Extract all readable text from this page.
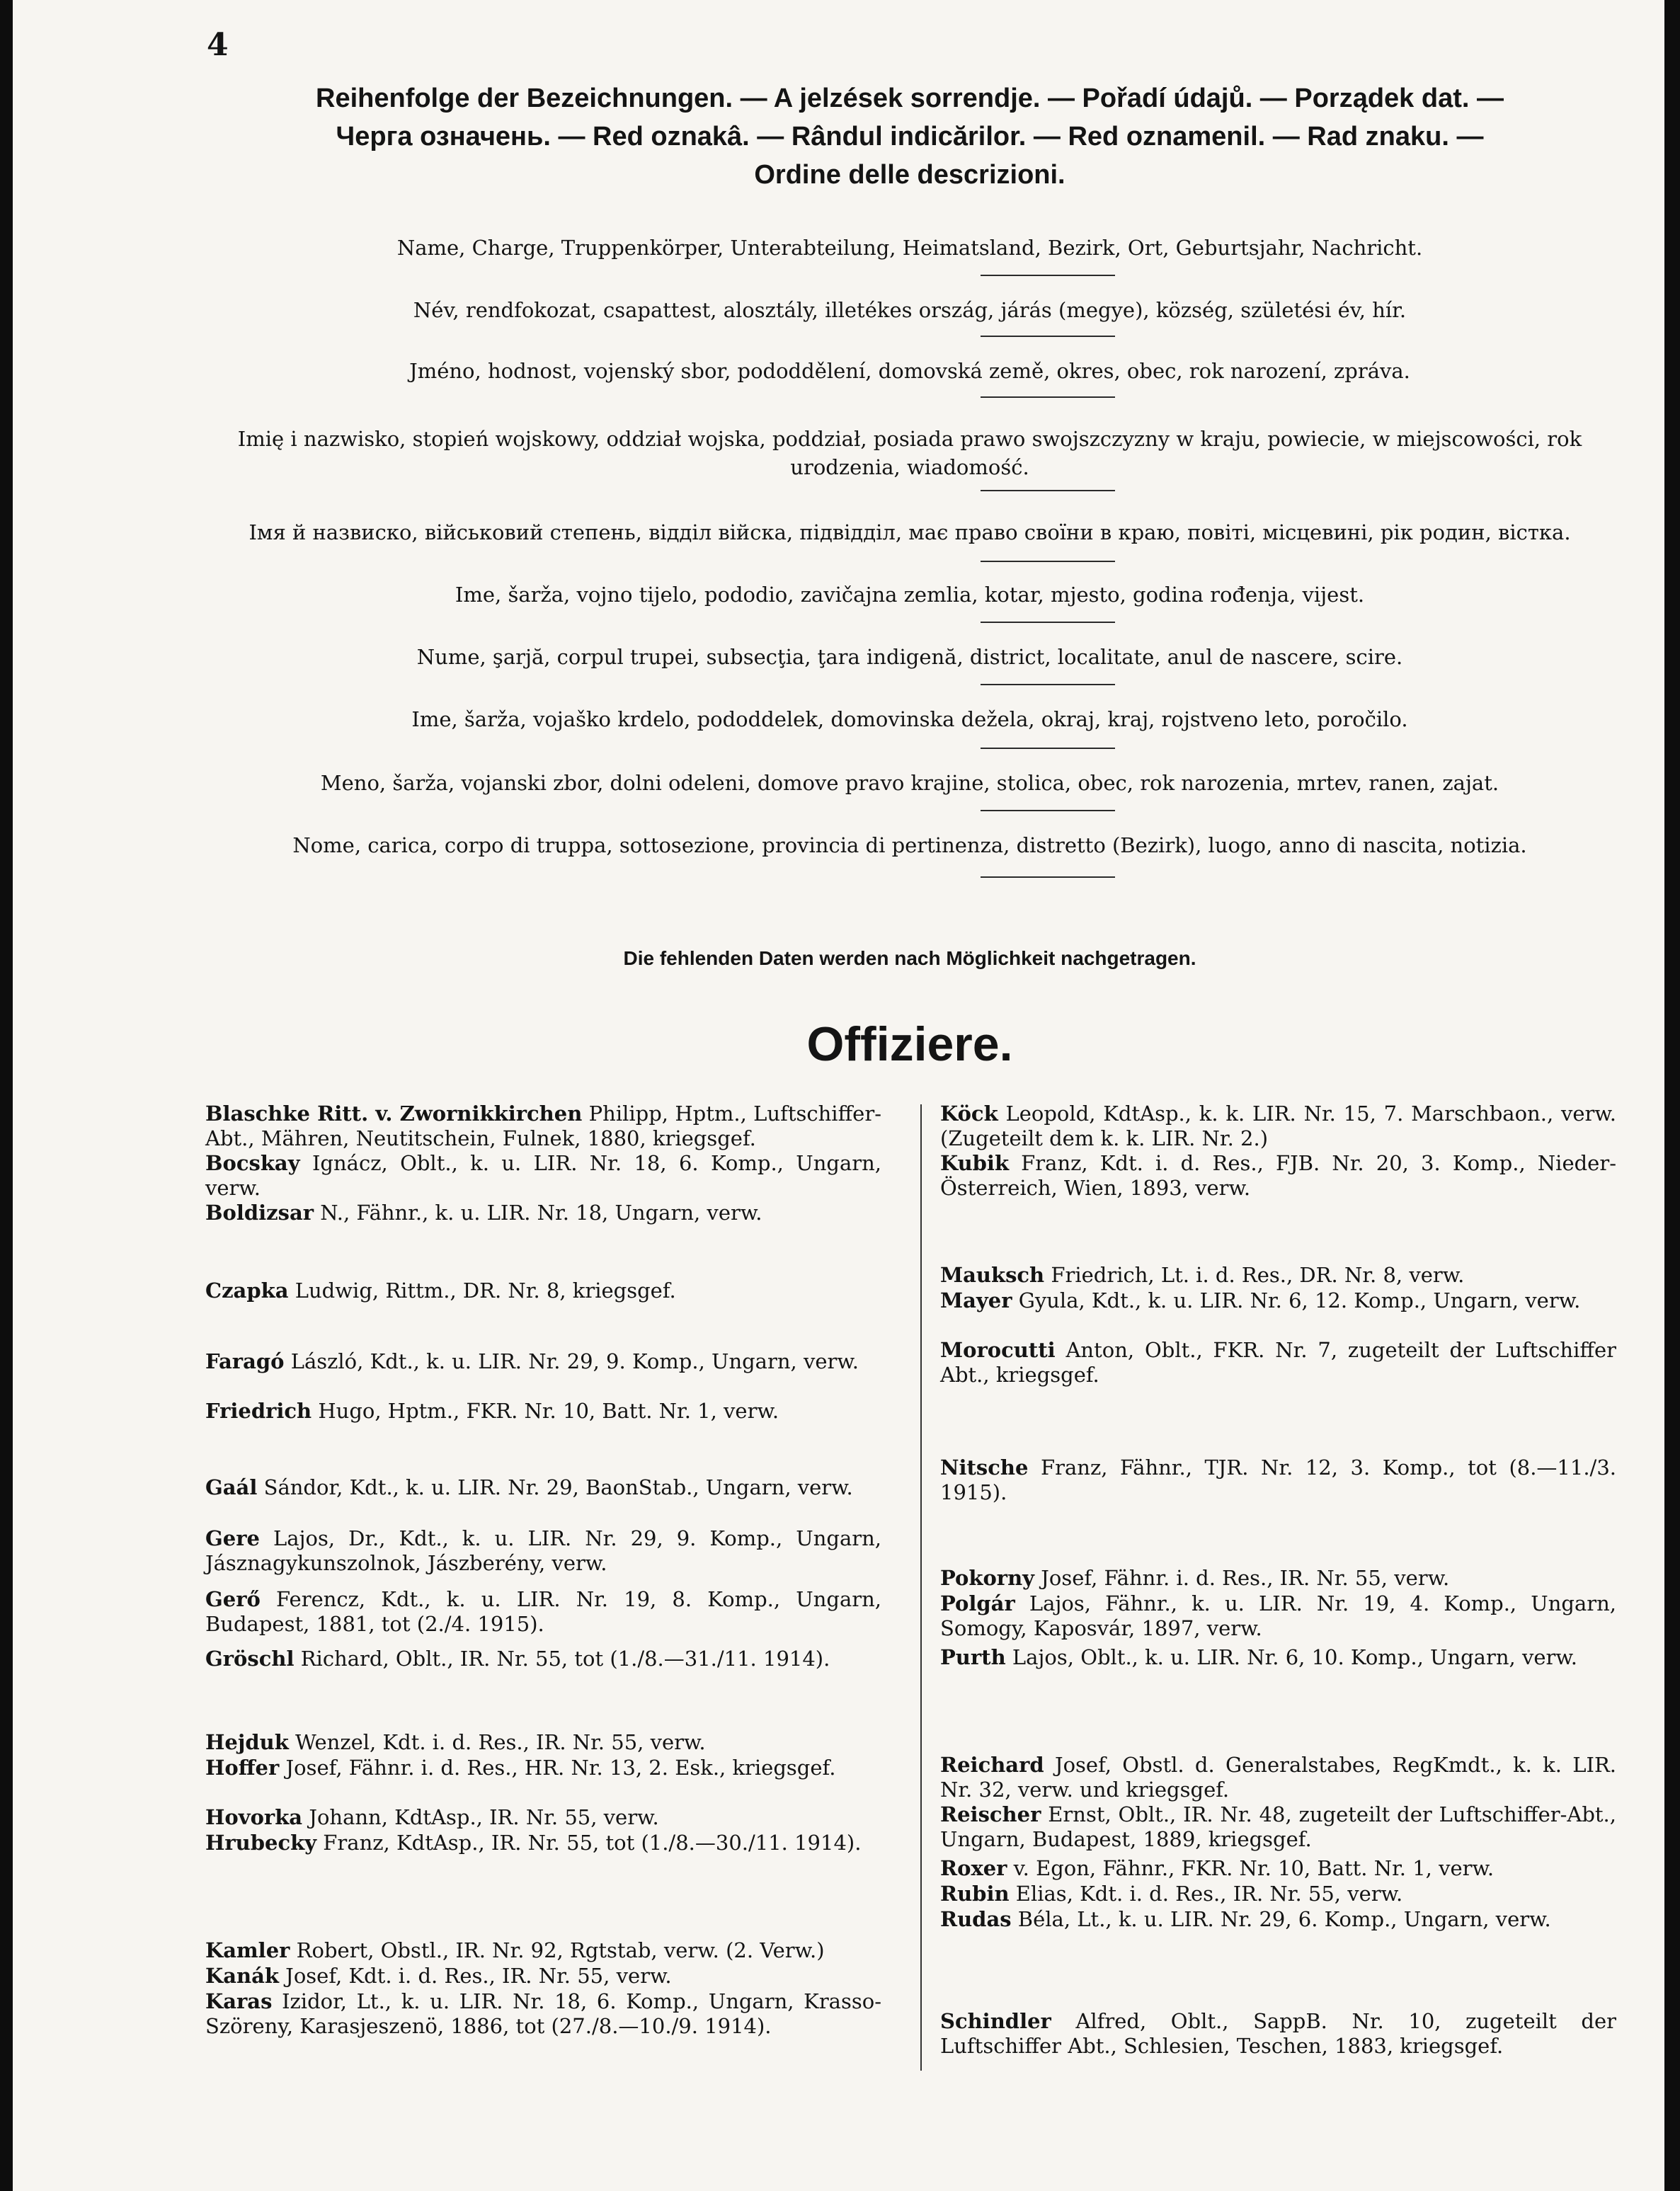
4
Reihenfolge der Bezeichnungen. — A jelzések sorrendje. — Pořadí údajů. — Porządek dat. —
Черга означень. — Red oznakâ. — Rândul indicărilor. — Red oznamenil. — Rad znaku. —
Ordine delle descrizioni.
Name, Charge, Truppenkörper, Unterabteilung, Heimatsland, Bezirk, Ort, Geburtsjahr, Nachricht.
Név, rendfokozat, csapattest, alosztály, illetékes ország, járás (megye), község, születési év, hír.
Jméno, hodnost, vojenský sbor, pododdělení, domovská země, okres, obec, rok narození, zpráva.
Imię i nazwisko, stopień wojskowy, oddział wojska, poddział, posiada prawo swojszczyzny w kraju, powiecie, w miejscowości, rok urodzenia, wiadomość.
Імя й назвиско, військовий степень, відділ війска, підвідділ, має право своїни в краю, повіті, місцевині, рік родин, вістка.
Ime, šarža, vojno tijelo, pododio, zavičajna zemlia, kotar, mjesto, godina rođenja, vijest.
Nume, şarjă, corpul trupei, subsecţia, ţara indigenă, district, localitate, anul de nascere, scire.
Ime, šarža, vojaško krdelo, pododdelek, domovinska dežela, okraj, kraj, rojstveno leto, poročilo.
Meno, šarža, vojanski zbor, dolni odeleni, domove pravo krajine, stolica, obec, rok narozenia, mrtev, ranen, zajat.
Nome, carica, corpo di truppa, sottosezione, provincia di pertinenza, distretto (Bezirk), luogo, anno di nascita, notizia.
Die fehlenden Daten werden nach Möglichkeit nachgetragen.
Offiziere.
Blaschke Ritt. v. Zwornikkirchen Philipp, Hptm., Luftschiffer-Abt., Mähren, Neutitschein, Fulnek, 1880, kriegsgef.
Bocskay Ignácz, Oblt., k. u. LIR. Nr. 18, 6. Komp., Ungarn, verw.
Boldizsar N., Fähnr., k. u. LIR. Nr. 18, Ungarn, verw.
Czapka Ludwig, Rittm., DR. Nr. 8, kriegsgef.
Faragó László, Kdt., k. u. LIR. Nr. 29, 9. Komp., Ungarn, verw.
Friedrich Hugo, Hptm., FKR. Nr. 10, Batt. Nr. 1, verw.
Gaál Sándor, Kdt., k. u. LIR. Nr. 29, BaonStab., Ungarn, verw.
Gere Lajos, Dr., Kdt., k. u. LIR. Nr. 29, 9. Komp., Ungarn, Jásznagykunszolnok, Jászberény, verw.
Gerő Ferencz, Kdt., k. u. LIR. Nr. 19, 8. Komp., Ungarn, Budapest, 1881, tot (2./4. 1915).
Gröschl Richard, Oblt., IR. Nr. 55, tot (1./8.—31./11. 1914).
Hejduk Wenzel, Kdt. i. d. Res., IR. Nr. 55, verw.
Hoffer Josef, Fähnr. i. d. Res., HR. Nr. 13, 2. Esk., kriegsgef.
Hovorka Johann, KdtAsp., IR. Nr. 55, verw.
Hrubecky Franz, KdtAsp., IR. Nr. 55, tot (1./8.—30./11. 1914).
Kamler Robert, Obstl., IR. Nr. 92, Rgtstab, verw. (2. Verw.)
Kanák Josef, Kdt. i. d. Res., IR. Nr. 55, verw.
Karas Izidor, Lt., k. u. LIR. Nr. 18, 6. Komp., Ungarn, Krasso-Szöreny, Karasjeszenö, 1886, tot (27./8.—10./9. 1914).
Köck Leopold, KdtAsp., k. k. LIR. Nr. 15, 7. Marschbaon., verw. (Zugeteilt dem k. k. LIR. Nr. 2.)
Kubik Franz, Kdt. i. d. Res., FJB. Nr. 20, 3. Komp., Nieder-Österreich, Wien, 1893, verw.
Mauksch Friedrich, Lt. i. d. Res., DR. Nr. 8, verw.
Mayer Gyula, Kdt., k. u. LIR. Nr. 6, 12. Komp., Ungarn, verw.
Morocutti Anton, Oblt., FKR. Nr. 7, zugeteilt der Luftschiffer Abt., kriegsgef.
Nitsche Franz, Fähnr., TJR. Nr. 12, 3. Komp., tot (8.—11./3. 1915).
Pokorny Josef, Fähnr. i. d. Res., IR. Nr. 55, verw.
Polgár Lajos, Fähnr., k. u. LIR. Nr. 19, 4. Komp., Ungarn, Somogy, Kaposvár, 1897, verw.
Purth Lajos, Oblt., k. u. LIR. Nr. 6, 10. Komp., Ungarn, verw.
Reichard Josef, Obstl. d. Generalstabes, RegKmdt., k. k. LIR. Nr. 32, verw. und kriegsgef.
Reischer Ernst, Oblt., IR. Nr. 48, zugeteilt der Luftschiffer-Abt., Ungarn, Budapest, 1889, kriegsgef.
Roxer v. Egon, Fähnr., FKR. Nr. 10, Batt. Nr. 1, verw.
Rubin Elias, Kdt. i. d. Res., IR. Nr. 55, verw.
Rudas Béla, Lt., k. u. LIR. Nr. 29, 6. Komp., Ungarn, verw.
Schindler Alfred, Oblt., SappB. Nr. 10, zugeteilt der Luftschiffer Abt., Schlesien, Teschen, 1883, kriegsgef.
